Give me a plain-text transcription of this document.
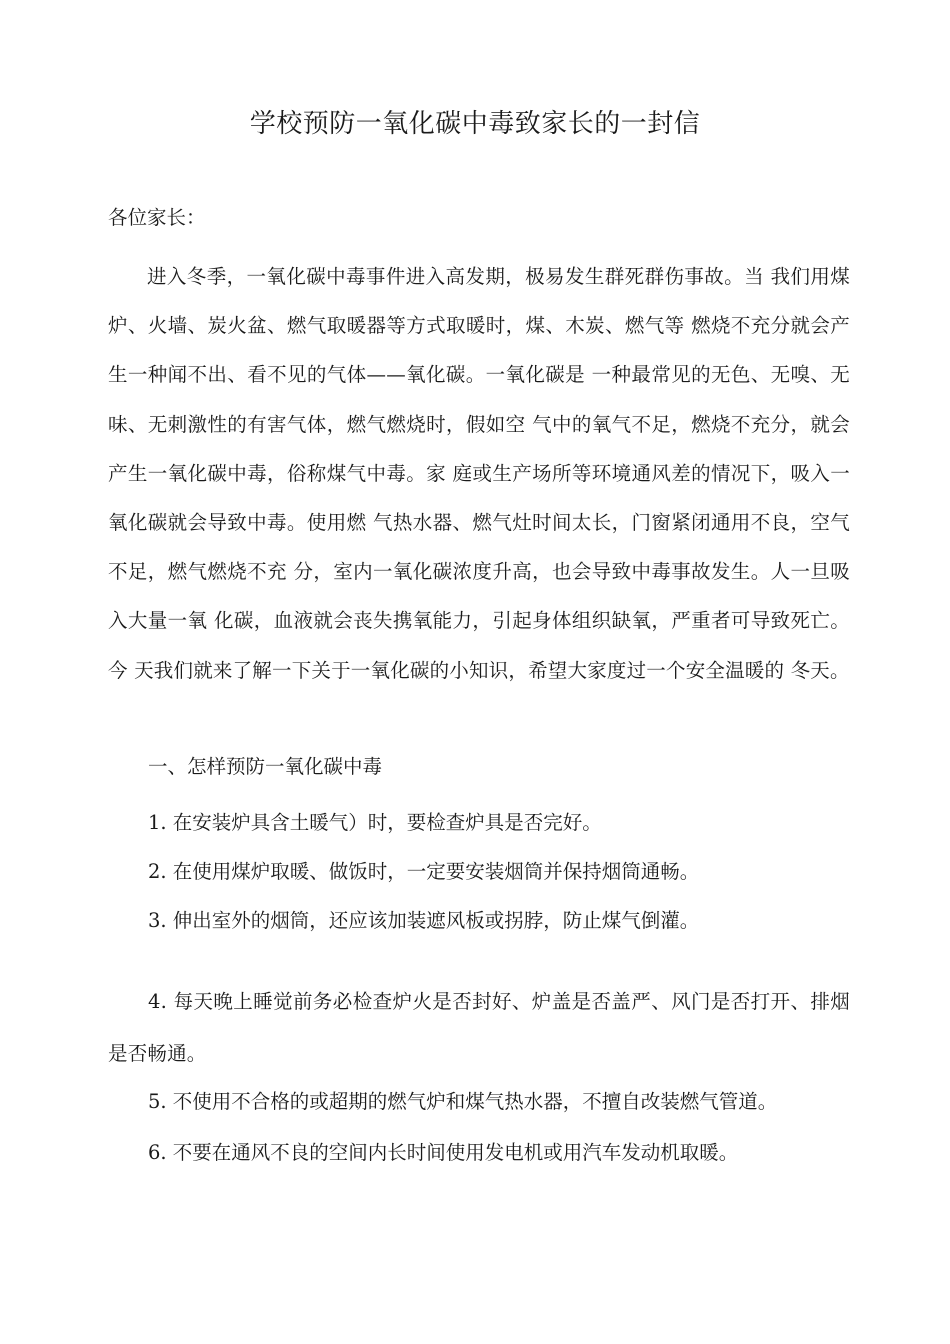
学校预防一氧化碳中毒致家长的一封信
各位家长：
进入冬季，一氧化碳中毒事件进入高发期，极易发生群死群伤事故。当 我们用煤炉、火墙、炭火盆、燃气取暖器等方式取暖时，煤、木炭、燃气等 燃烧不充分就会产生一种闻不出、看不见的气体——氧化碳。一氧化碳是 一种最常见的无色、无嗅、无味、无刺激性的有害气体，燃气燃烧时，假如空 气中的氧气不足，燃烧不充分，就会产生一氧化碳中毒，俗称煤气中毒。家 庭或生产场所等环境通风差的情况下，吸入一氧化碳就会导致中毒。使用燃 气热水器、燃气灶时间太长，门窗紧闭通用不良，空气不足，燃气燃烧不充 分，室内一氧化碳浓度升高，也会导致中毒事故发生。人一旦吸入大量一氧 化碳，血液就会丧失携氧能力，引起身体组织缺氧，严重者可导致死亡。今 天我们就来了解一下关于一氧化碳的小知识，希望大家度过一个安全温暖的 冬天。
一、怎样预防一氧化碳中毒
1. 在安装炉具含土暖气）时，要检查炉具是否完好。
2. 在使用煤炉取暖、做饭时，一定要安装烟筒并保持烟筒通畅。
3. 伸出室外的烟筒，还应该加装遮风板或拐脖，防止煤气倒灌。
4. 每天晚上睡觉前务必检查炉火是否封好、炉盖是否盖严、风门是否打开、排烟是否畅通。
5. 不使用不合格的或超期的燃气炉和煤气热水器，不擅自改装燃气管道。
6. 不要在通风不良的空间内长时间使用发电机或用汽车发动机取暖。
